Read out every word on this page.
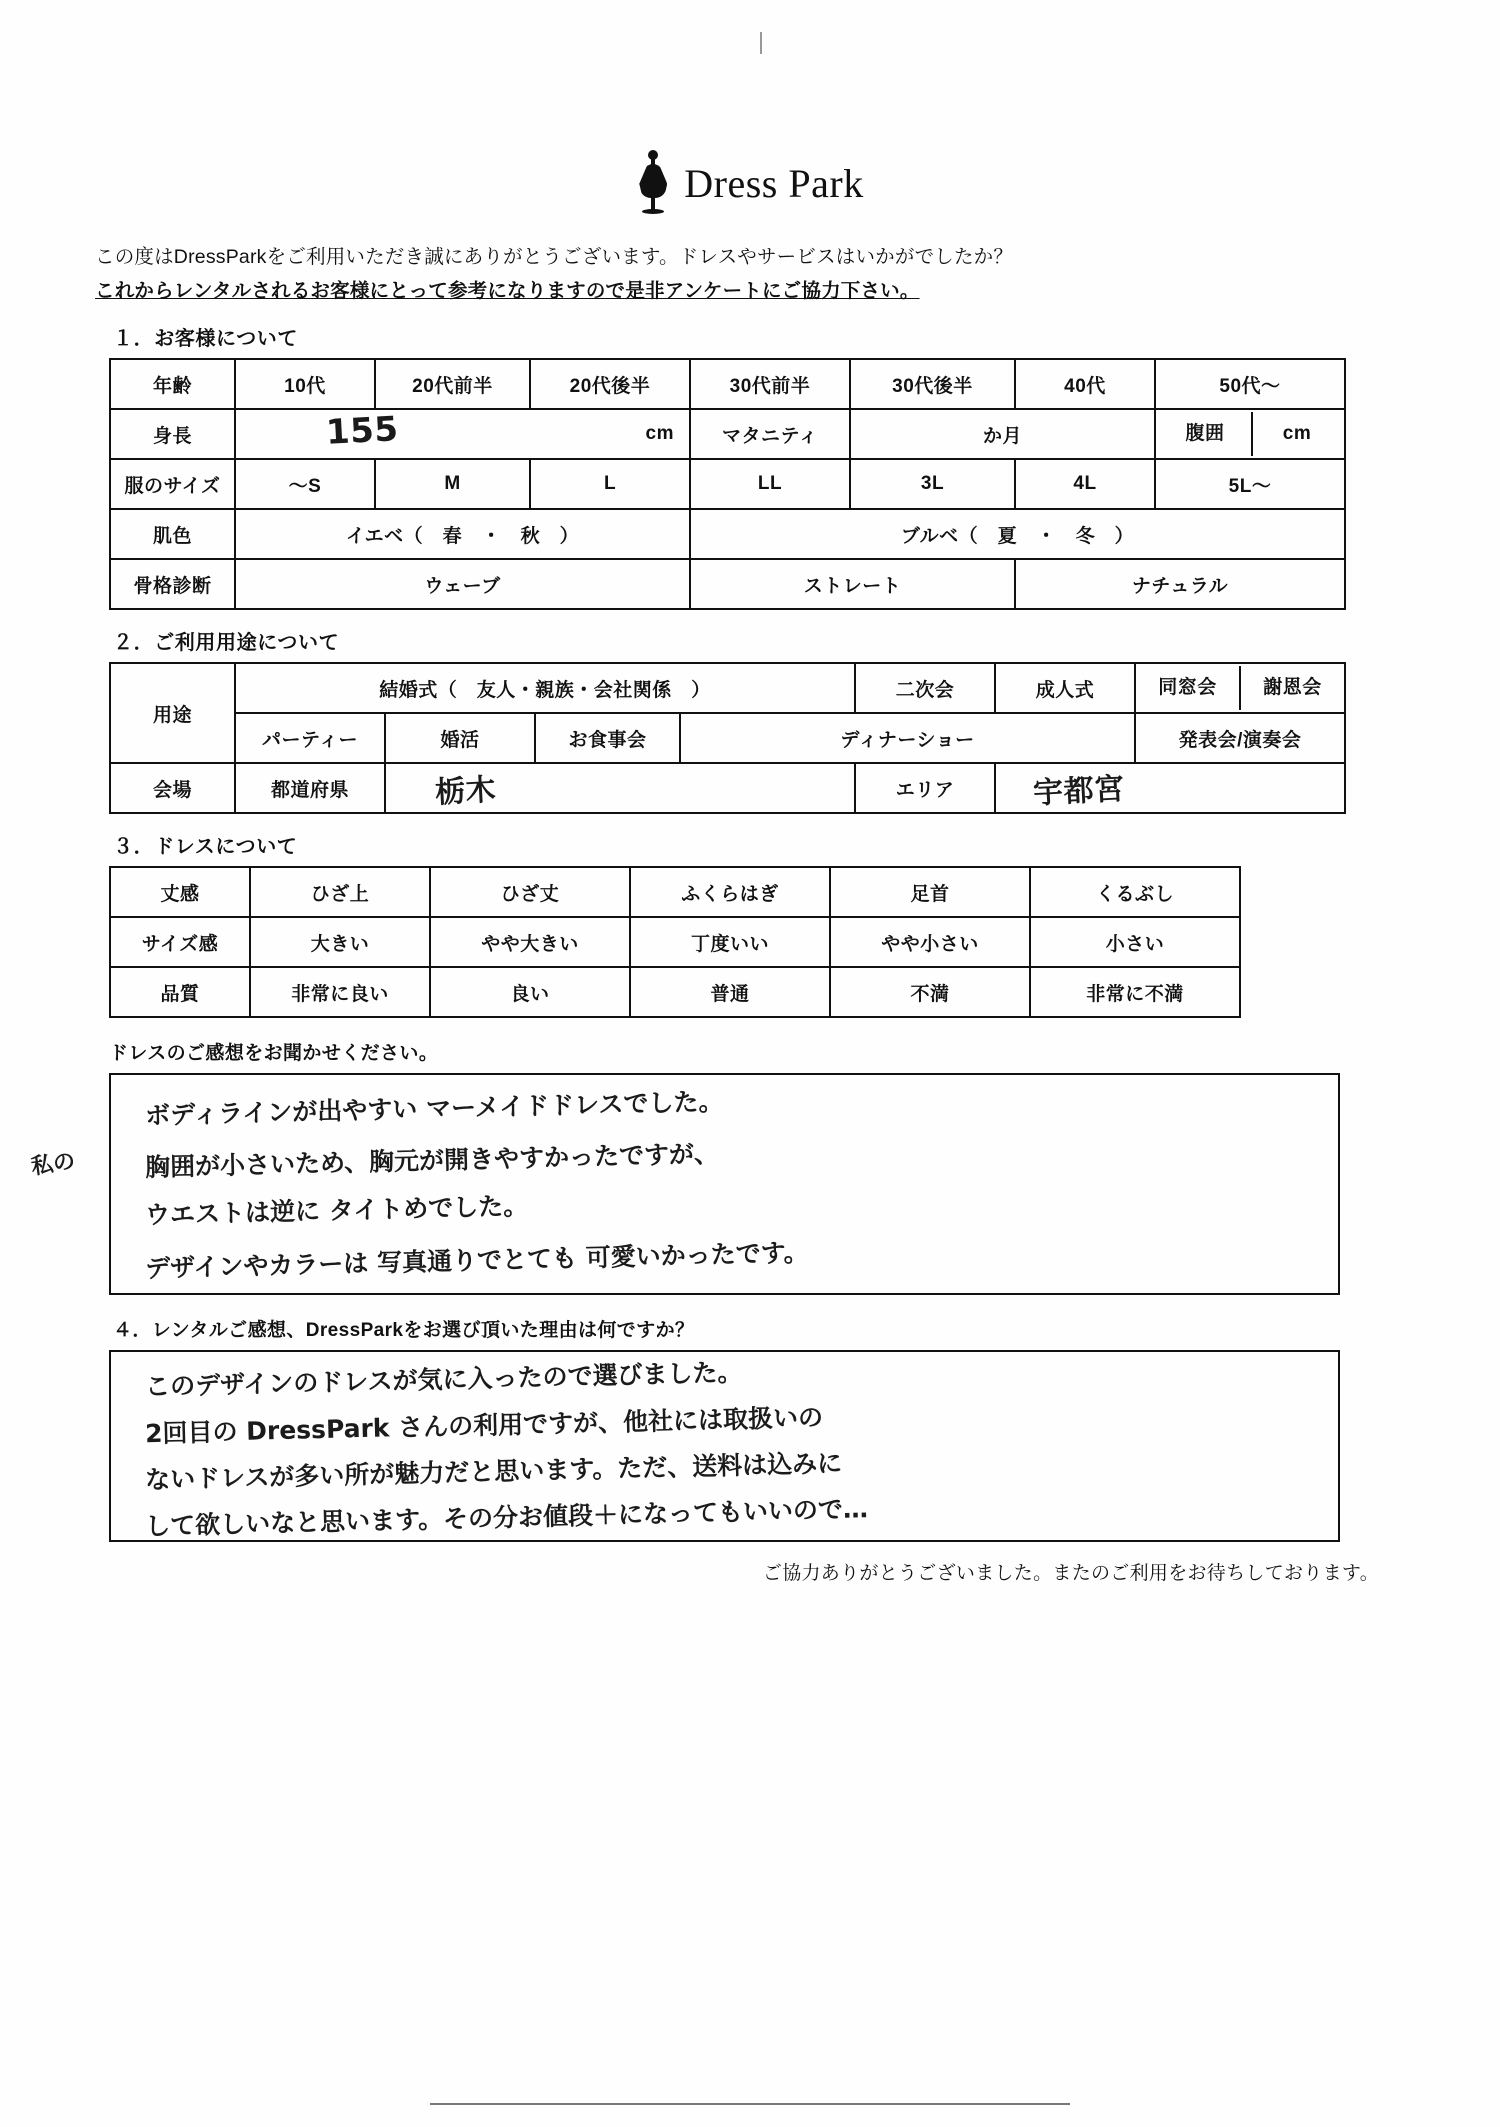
Dress Park
この度はDressParkをご利用いただき誠にありがとうございます。ドレスやサービスはいかがでしたか？
これからレンタルされるお客様にとって参考になりますので是非アンケートにご協力下さい。
１．お客様について
年齢	10代	20代前半	20代後半	30代前半	30代後半	40代	50代～
身長	155 cm			マタニティ	か月		腹囲 cm
服のサイズ	～S	M	L	LL	3L	4L	5L～
肌色	イエベ（　春　・　秋　）			ブルベ（　夏　・　冬　）			
骨格診断	ウェーブ			ストレート		ナチュラル	
２．ご利用用途について
用途	結婚式（　友人・親族・会社関係　）				二次会	成人式	同窓会 謝恩会
	パーティー	婚活	お食事会	ディナーショー			発表会/演奏会
会場	都道府県	栃木			エリア	宇都宮	
３．ドレスについて
丈感	ひざ上	ひざ丈	ふくらはぎ	足首	くるぶし
サイズ感	大きい	やや大きい	丁度いい	やや小さい	小さい
品質	非常に良い	良い	普通	不満	非常に不満
ドレスのご感想をお聞かせください。
私の
ボディラインが出やすい マーメイドドレスでした。
胸囲が小さいため、胸元が開きやすかったですが、
ウエストは逆に タイトめでした。
デザインやカラーは 写真通りでとても 可愛いかったです。
４．レンタルご感想、DressParkをお選び頂いた理由は何ですか？
このデザインのドレスが気に入ったので選びました。
2回目の DressPark さんの利用ですが、他社には取扱いの
ないドレスが多い所が魅力だと思います。ただ、送料は込みに
して欲しいなと思います。その分お値段＋になってもいいので…
ご協力ありがとうございました。またのご利用をお待ちしております。
